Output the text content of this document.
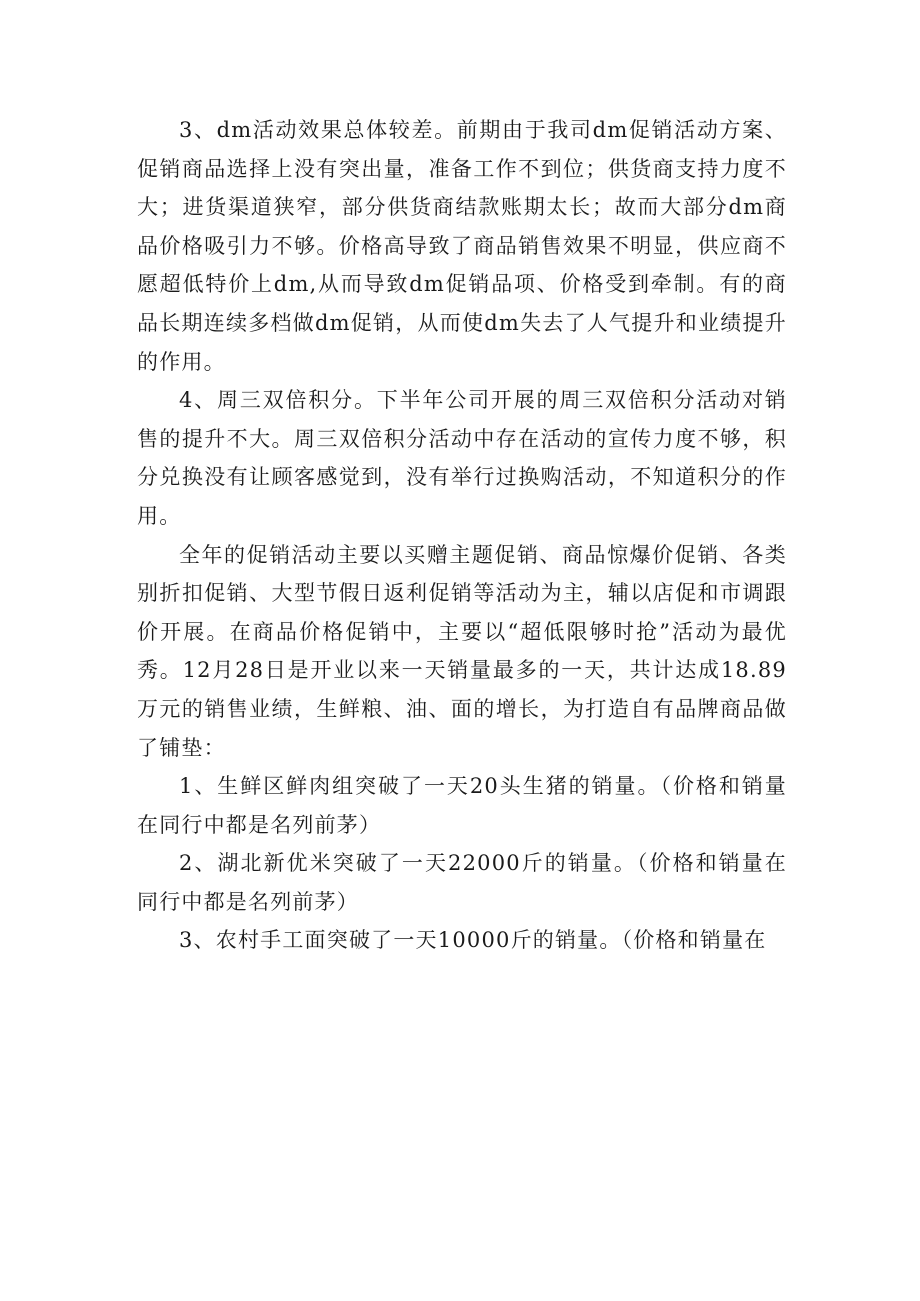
3、dm活动效果总体较差。前期由于我司dm促销活动方案、促销商品选择上没有突出量，准备工作不到位；供货商支持力度不大；进货渠道狭窄，部分供货商结款账期太长；故而大部分dm商品价格吸引力不够。价格高导致了商品销售效果不明显，供应商不愿超低特价上dm,从而导致dm促销品项、价格受到牵制。有的商品长期连续多档做dm促销，从而使dm失去了人气提升和业绩提升的作用。

4、周三双倍积分。下半年公司开展的周三双倍积分活动对销售的提升不大。周三双倍积分活动中存在活动的宣传力度不够，积分兑换没有让顾客感觉到，没有举行过换购活动，不知道积分的作用。

全年的促销活动主要以买赠主题促销、商品惊爆价促销、各类别折扣促销、大型节假日返利促销等活动为主，辅以店促和市调跟价开展。在商品价格促销中，主要以“超低限够时抢”活动为最优秀。12月28日是开业以来一天销量最多的一天，共计达成18.89万元的销售业绩，生鲜粮、油、面的增长，为打造自有品牌商品做了铺垫：

1、生鲜区鲜肉组突破了一天20头生猪的销量。（价格和销量在同行中都是名列前茅）

2、湖北新优米突破了一天22000斤的销量。（价格和销量在同行中都是名列前茅）

3、农村手工面突破了一天10000斤的销量。（价格和销量在
